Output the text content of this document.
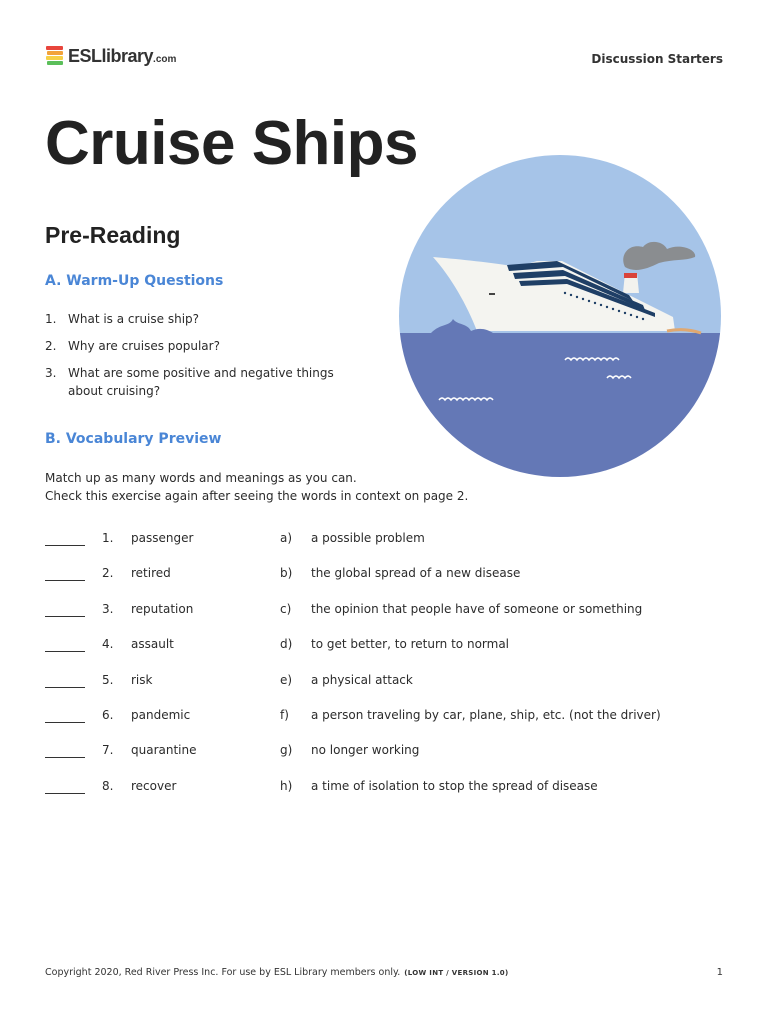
ESLlibrary.com	Discussion Starters
Cruise Ships
Pre-Reading
A. Warm-Up Questions
1. What is a cruise ship?
2. Why are cruises popular?
3. What are some positive and negative things about cruising?
B. Vocabulary Preview
Match up as many words and meanings as you can.
Check this exercise again after seeing the words in context on page 2.
1. passenger	a) a possible problem
2. retired	b) the global spread of a new disease
3. reputation	c) the opinion that people have of someone or something
4. assault	d) to get better, to return to normal
5. risk	e) a physical attack
6. pandemic	f) a person traveling by car, plane, ship, etc. (not the driver)
7. quarantine	g) no longer working
8. recover	h) a time of isolation to stop the spread of disease
Copyright 2020, Red River Press Inc. For use by ESL Library members only. (LOW INT / VERSION 1.0)	1
